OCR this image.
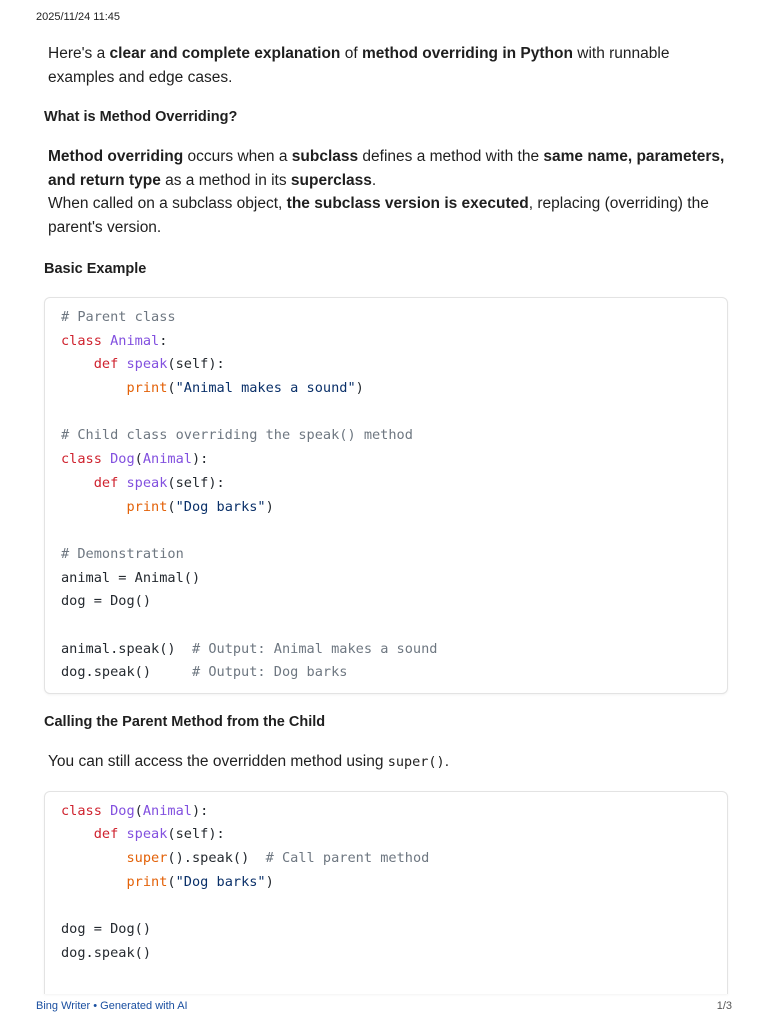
2025/11/24 11:45

Here's a clear and complete explanation of method overriding in Python with runnable examples and edge cases.

What is Method Overriding?

Method overriding occurs when a subclass defines a method with the same name, parameters, and return type as a method in its superclass.

When called on a subclass object, the subclass version is executed, replacing (overriding) the parent's version.

Basic Example
# Parent class
class Animal:
def speak(self):
print("Animal makes a sound")
# Child class overriding the speak() method
class Dog(Animal):
def speak(self):
print("Dog barks")
# Demonstration
animal = Animal()
dog = Dog()
animal.speak()  # Output: Animal makes a sound
dog.speak()     # Output: Dog barks
Calling the Parent Method from the Child

You can still access the overridden method using super().

class Dog(Animal):
def speak(self):
super().speak()  # Call parent method
print("Dog barks")
dog = Dog()
dog.speak()
Bing Writer • Generated with AI	1/3
